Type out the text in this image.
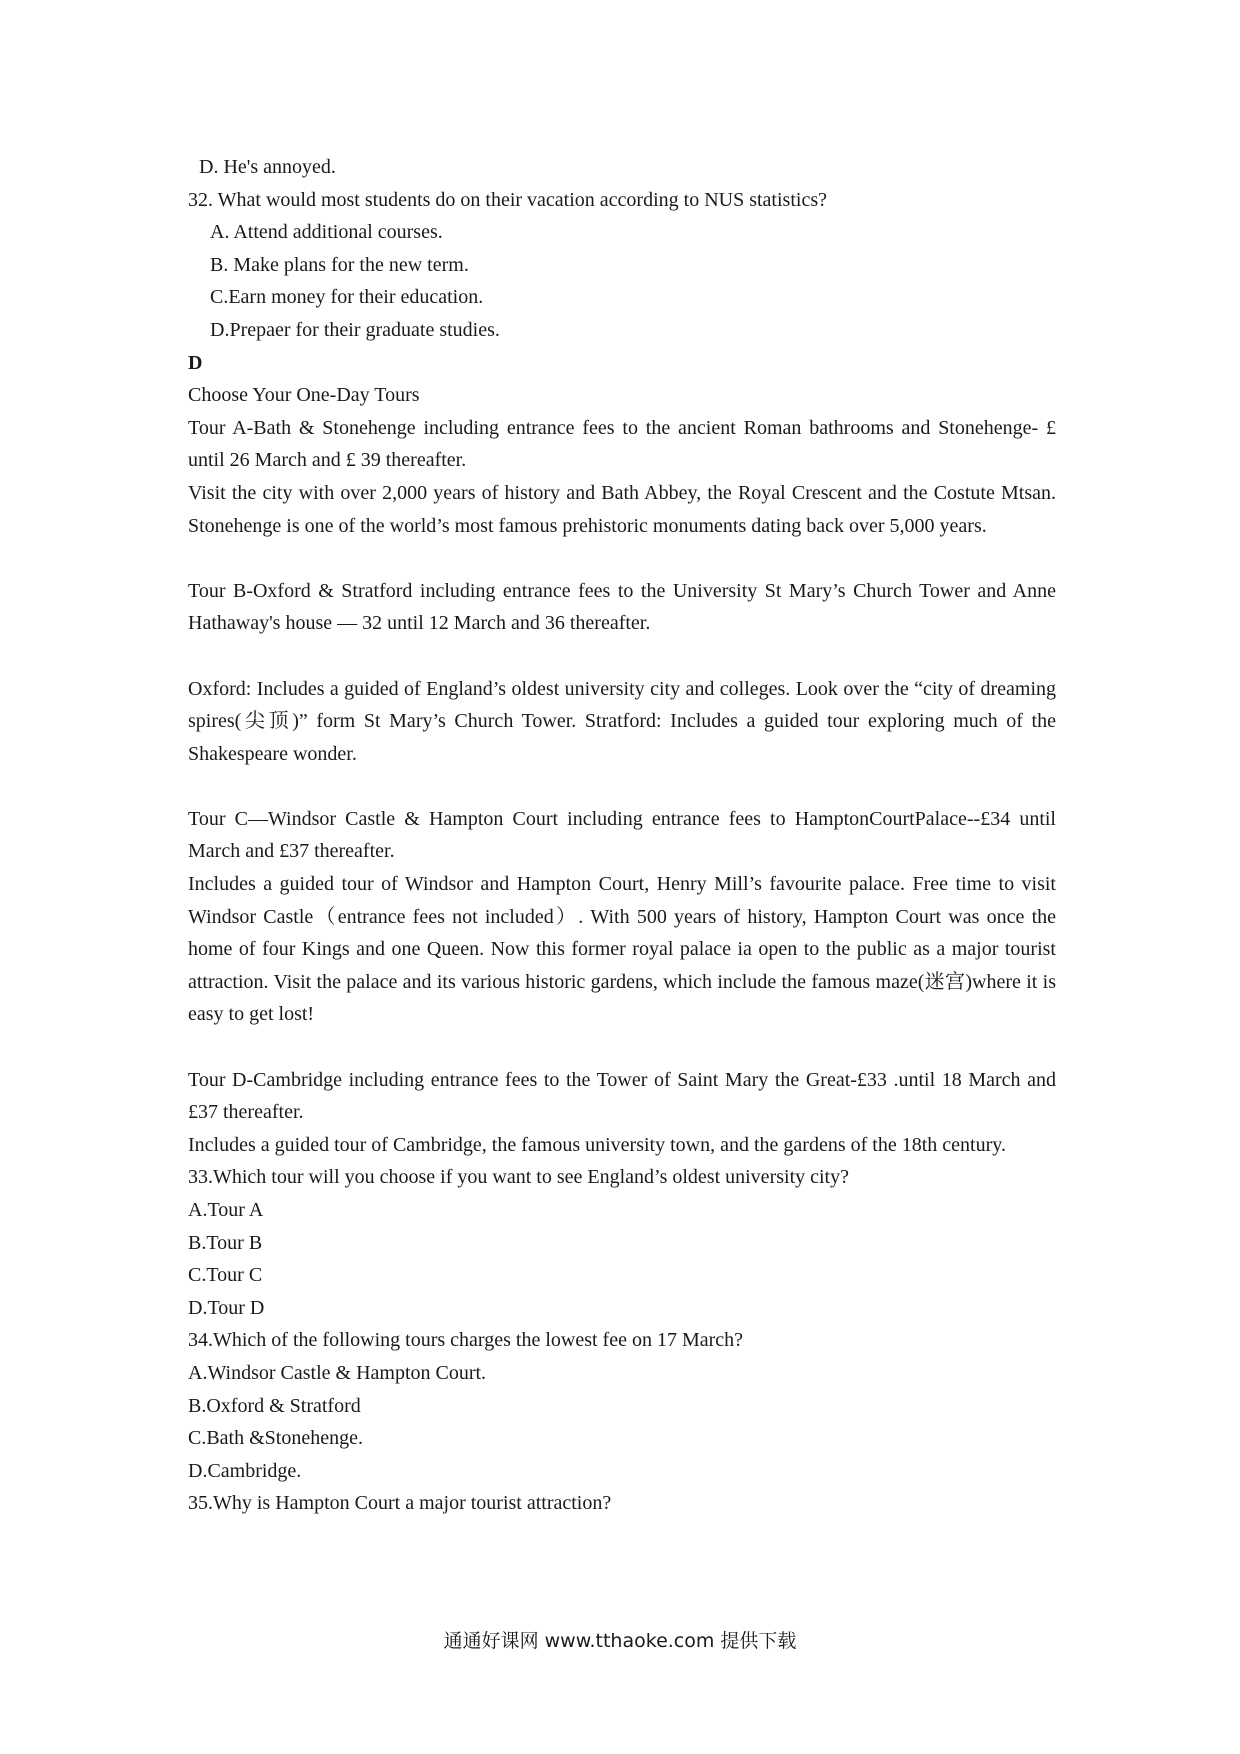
D. He's annoyed.

32. What would most students do on their vacation according to NUS statistics?

A. Attend additional courses.

B. Make plans for the new term.

C.Earn money for their education.

D.Prepaer for their graduate studies.

D

Choose Your One-Day Tours

Tour A-Bath & Stonehenge including entrance fees to the ancient Roman bathrooms and Stonehenge- £ until 26 March and £ 39 thereafter.

Visit the city with over 2,000 years of history and Bath Abbey, the Royal Crescent and the Costute Mtsan. Stonehenge is one of the world’s most famous prehistoric monuments dating back over 5,000 years.

Tour B-Oxford & Stratford including entrance fees to the University St Mary’s Church Tower and Anne Hathaway's house — 32 until 12 March and 36 thereafter.

Oxford: Includes a guided of England’s oldest university city and colleges. Look over the “city of dreaming spires(尖顶)” form St Mary’s Church Tower. Stratford: Includes a guided tour exploring much of the Shakespeare wonder.

Tour C—Windsor Castle & Hampton Court including entrance fees to HamptonCourtPalace--£34 until March and £37 thereafter.

Includes a guided tour of Windsor and Hampton Court, Henry Mill’s favourite palace. Free time to visit Windsor Castle（entrance fees not included）. With 500 years of history, Hampton Court was once the home of four Kings and one Queen. Now this former royal palace ia open to the public as a major tourist attraction. Visit the palace and its various historic gardens, which include the famous maze(迷宫)where it is easy to get lost!

Tour D-Cambridge including entrance fees to the Tower of Saint Mary the Great-£33 .until 18 March and £37 thereafter.

Includes a guided tour of Cambridge, the famous university town, and the gardens of the 18th century.

33.Which tour will you choose if you want to see England’s oldest university city?

A.Tour A

B.Tour B

C.Tour C

D.Tour D

34.Which of the following tours charges the lowest fee on 17 March?

A.Windsor Castle & Hampton Court.

B.Oxford & Stratford

C.Bath &Stonehenge.

D.Cambridge.

35.Why is Hampton Court a major tourist attraction?

通通好课网 www.tthaoke.com 提供下载
